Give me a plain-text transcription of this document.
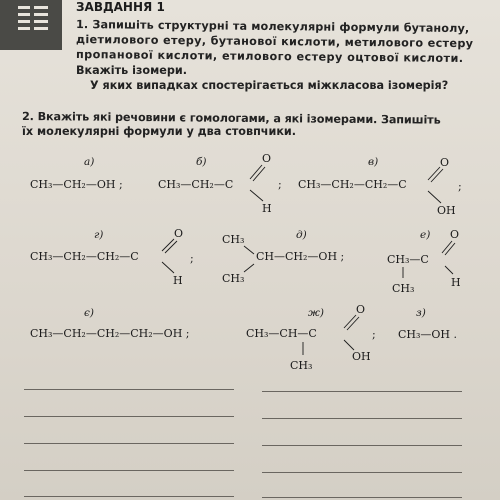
ЗАВДАННЯ 1
1. Запишіть структурні та молекулярні формули бутанолу,
діетилового етеру, бутанової кислоти, метилового естеру
пропанової кислоти, етилового естеру оцтової кислоти.
Вкажіть ізомери.
У яких випадках спостерігається міжкласова ізомерія?
2. Вкажіть які речовини є гомологами, а які ізомерами. Запишіть
їх молекулярні формули у два стовпчики.
а)
CH₃—CH₂—OH ;
б)
CH₃—CH₂—C
O
H
;
в)
CH₃—CH₂—CH₂—C
O
OH
;
г)
CH₃—CH₂—CH₂—C
O
H
;
д)
CH₃
CH—CH₂—OH ;
CH₃
е)
CH₃—C
O
H
CH₃
є)
CH₃—CH₂—CH₂—CH₂—OH ;
ж)
CH₃—CH—C
O
OH
CH₃
;
з)
CH₃—OH .
